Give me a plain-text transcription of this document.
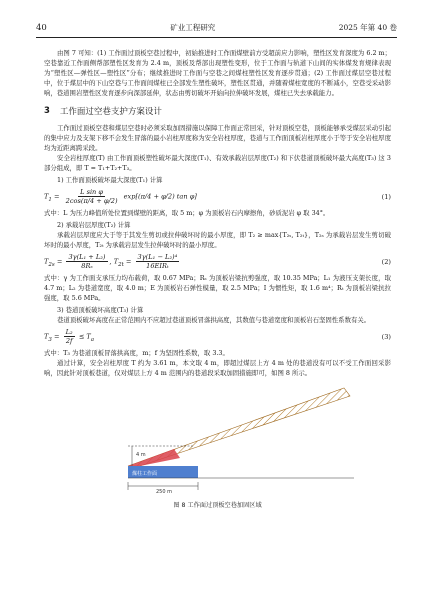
40	矿业工程研究	2025 年第 40 卷

由图 7 可知：(1) 工作面过顶板空巷过程中，初始推进时工作面煤壁前方受超前应力影响，塑性区发育深度为 6.2 m；空巷靠近工作面侧帮部塑性区发育为 2.4 m，顶板及帮部出现塑性变形，位于工作面与轨道下山间的实体煤发育规律表现为“塑性区—弹性区—塑性区”分布；继续推进时工作面与空巷之间煤柱塑性区发育逐步贯通；(2) 工作面过煤层空巷过程中，位于煤层中的下山空巷与工作面间煤柱已全部发生塑性破坏，塑性区贯通，并随着煤柱宽度的不断减小，空巷受采动影响，巷道围岩塑性区发育逐步向深部延伸，状态由剪切破坏开始向拉伸破坏发展，煤柱已失去承载能力。

3 工作面过空巷支护方案设计

工作面过顶板空巷和煤层空巷时必须采取加固措施以保障工作面正常回采，针对顶板空巷，顶板能够承受煤层采动引起的集中应力及支架下移不会发生冒落的最小岩柱厚度称为安全岩柱厚度，巷道与工作面顶板岩柱厚度小于等于安全岩柱厚度均为近距离跨采段。

安全岩柱厚度(T) 由工作面顶板塑性破坏最大深度(T₁)、有效承载岩层厚度(T₂) 和下伏巷道顶板破坏最大高度(T₃) 这 3 部分组成，即 T = T₁+T₂+T₃。

1) 工作面顶板破坏最大深度(T₁) 计算
$T_1 = \frac{\text{L sin φ}}{2\cos(\pi/4 + \varphi/2)} \exp[(\pi/4 + \varphi/2)$ tan φ]	(1)

式中：L 为压力峰值所处位置到煤壁的距离，取 5 m；φ 为顶板岩石内摩擦角，砂质泥岩 φ 取 34°。

2) 承载岩层厚度(T₂) 计算

承载岩层厚度应大于等于其发生剪切或拉伸破坏时的最小厚度，即 T₂ ≥ max{T₂ₛ, T₂ₜ}，T₂ₛ 为承载岩层发生剪切破坏时的最小厚度，T₂ₜ 为承载岩层发生拉伸破坏时的最小厚度。

$T_{2s} = \frac{\text{3γ(L₁ + L₂)}}{\text{8Rₛ}}$ , $T_{2t} = \frac{\text{3γ(L₁ − L₂)⁴}}{\text{16EIRₜ}}$	(2)

式中：γ 为工作面支承压力均布载荷，取 0.67 MPa；Rₛ 为顶板岩梁抗剪强度，取 10.35 MPa；L₁ 为液压支架长度，取 4.7 m；L₂ 为巷道宽度，取 4.0 m；E 为顶板岩石弹性模量，取 2.5 MPa；I 为惯性矩，取 1.6 m⁴；Rₜ 为顶板岩梁抗拉强度，取 5.6 MPa。

3) 巷道顶板破坏高度(T₃) 计算

巷道顶板破坏高度在正常范围内不应超过巷道顶板冒落拱高度，其数值与巷道宽度和顶板岩石坚固性系数有关。

$T_3 = \frac{\text{L₂}}{2f} \le T_a$	(3)

式中：T₃ 为巷道顶板冒落拱高度，m；f 为坚固性系数，取 3.3。

通过计算，安全岩柱厚度 T 约为 3.61 m，本文取 4 m，即超过煤层上方 4 m 处的巷道没有可以不受工作面回采影响，因此针对顶板巷道，仅对煤层上方 4 m 范围内的巷道段采取加固措施即可，如图 8 所示。

4 m
煤柱工作面
250 m
图 8 工作面过顶板空巷加固区域
